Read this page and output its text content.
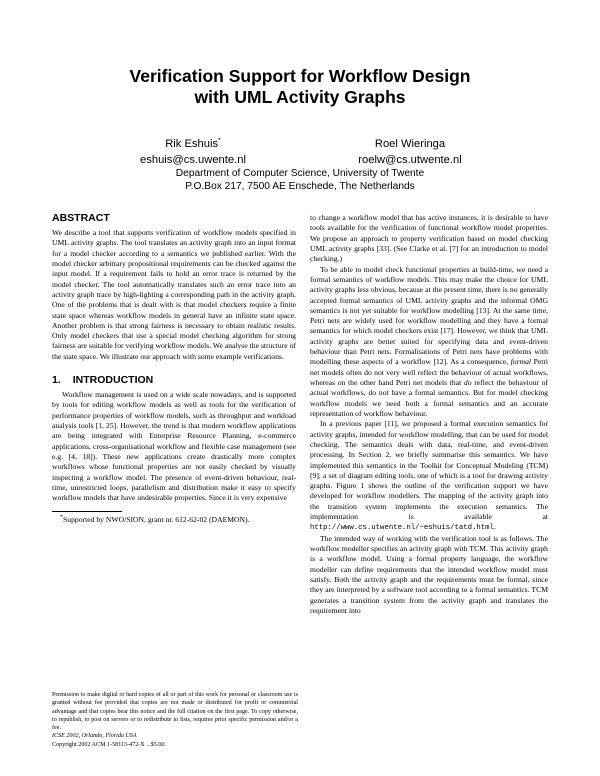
Verification Support for Workflow Design
with UML Activity Graphs
Rik Eshuis*
eshuis@cs.uwente.nl
Roel Wieringa
roelw@cs.utwente.nl
Department of Computer Science, University of Twente
P.O.Box 217, 7500 AE Enschede, The Netherlands
ABSTRACT

We describe a tool that supports verification of workflow models specified in UML activity graphs. The tool translates an activity graph into an input format for a model checker according to a semantics we published earlier. With the model checker arbitrary propositional requirements can be checked against the input model. If a requirement fails to hold an error trace is returned by the model checker. The tool automatically translates such an error trace into an activity graph trace by high-lighting a corresponding path in the activity graph. One of the problems that is dealt with is that model checkers require a finite state space whereas workflow models in general have an infinite state space. Another problem is that strong fairness is necessary to obtain realistic results. Only model checkers that use a special model checking algorithm for strong fairness are suitable for verifying workflow models. We analyse the structure of the state space. We illustrate our approach with some example verifications.

1. INTRODUCTION

Workflow management is used on a wide scale nowadays, and is supported by tools for editing workflow models as well as tools for the verification of performance properties of workflow models, such as throughput and workload analysis tools [1, 25]. However, the trend is that modern workflow applications are being integrated with Enterprise Resource Planning, e-commerce applications, cross-organisational workflow and flexible case management (see e.g. [4, 18]). These new applications create drastically more complex workflows whose functional properties are not easily checked by visually inspecting a workflow model. The presence of event-driven behaviour, real-time, unrestricted loops, parallelism and distribution make it easy to specify workflow models that have undesirable properties. Since it is very expensive

*Supported by NWO/SION, grant nr. 612-62-02 (DAEMON).

Permission to make digital or hard copies of all or part of this work for personal or classroom use is granted without fee provided that copies are not made or distributed for profit or commercial advantage and that copies bear this notice and the full citation on the first page. To copy otherwise, to republish, to post on servers or to redistribute to lists, requires prior specific permission and/or a fee.
ICSE 2002, Orlando, Florida USA
Copyright 2002 ACM 1-58113-472-X ...$5.00.

to change a workflow model that has active instances, it is desirable to have tools available for the verification of functional workflow model properties. We propose an approach to property verification based on model checking UML activity graphs [33]. (See Clarke et al. [7] for an introduction to model checking.)

To be able to model check functional properties at build-time, we need a formal semantics of workflow models. This may make the choice for UML activity graphs less obvious, because at the present time, there is no generally accepted formal semantics of UML activity graphs and the informal OMG semantics is not yet suitable for workflow modelling [13]. At the same time, Petri nets are widely used for workflow modelling and they have a formal semantics for which model checkers exist [17]. However, we think that UML activity graphs are better suited for specifying data and event-driven behaviour than Petri nets. Formalisations of Petri nets have problems with modelling these aspects of a workflow [12]. As a consequence, formal Petri net models often do not very well reflect the behaviour of actual workflows, whereas on the other hand Petri net models that do reflect the behaviour of actual workflows, do not have a formal semantics. But for model checking workflow models we need both a formal semantics and an accurate representation of workflow behaviour.

In a previous paper [11], we proposed a formal execution semantics for activity graphs, intended for workflow modelling, that can be used for model checking. The semantics deals with data, real-time, and event-driven processing. In Section 2, we briefly summarise this semantics. We have implemented this semantics in the Toolkit for Conceptual Modeling (TCM) [9], a set of diagram editing tools, one of which is a tool for drawing activity graphs. Figure 1 shows the outline of the verification support we have developed for workflow modellers. The mapping of the activity graph into the transition system implements the execution semantics. The implementation is available at http://www.cs.utwente.nl/~eshuis/tatd.html.

The intended way of working with the verification tool is as follows. The workflow modeller specifies an activity graph with TCM. This activity graph is a workflow model. Using a formal property language, the workflow modeller can define requirements that the intended workflow model must satisfy. Both the activity graph and the requirements must be formal, since they are interpreted by a software tool according to a formal semantics. TCM generates a transition system from the activity graph and translates the requirement into
